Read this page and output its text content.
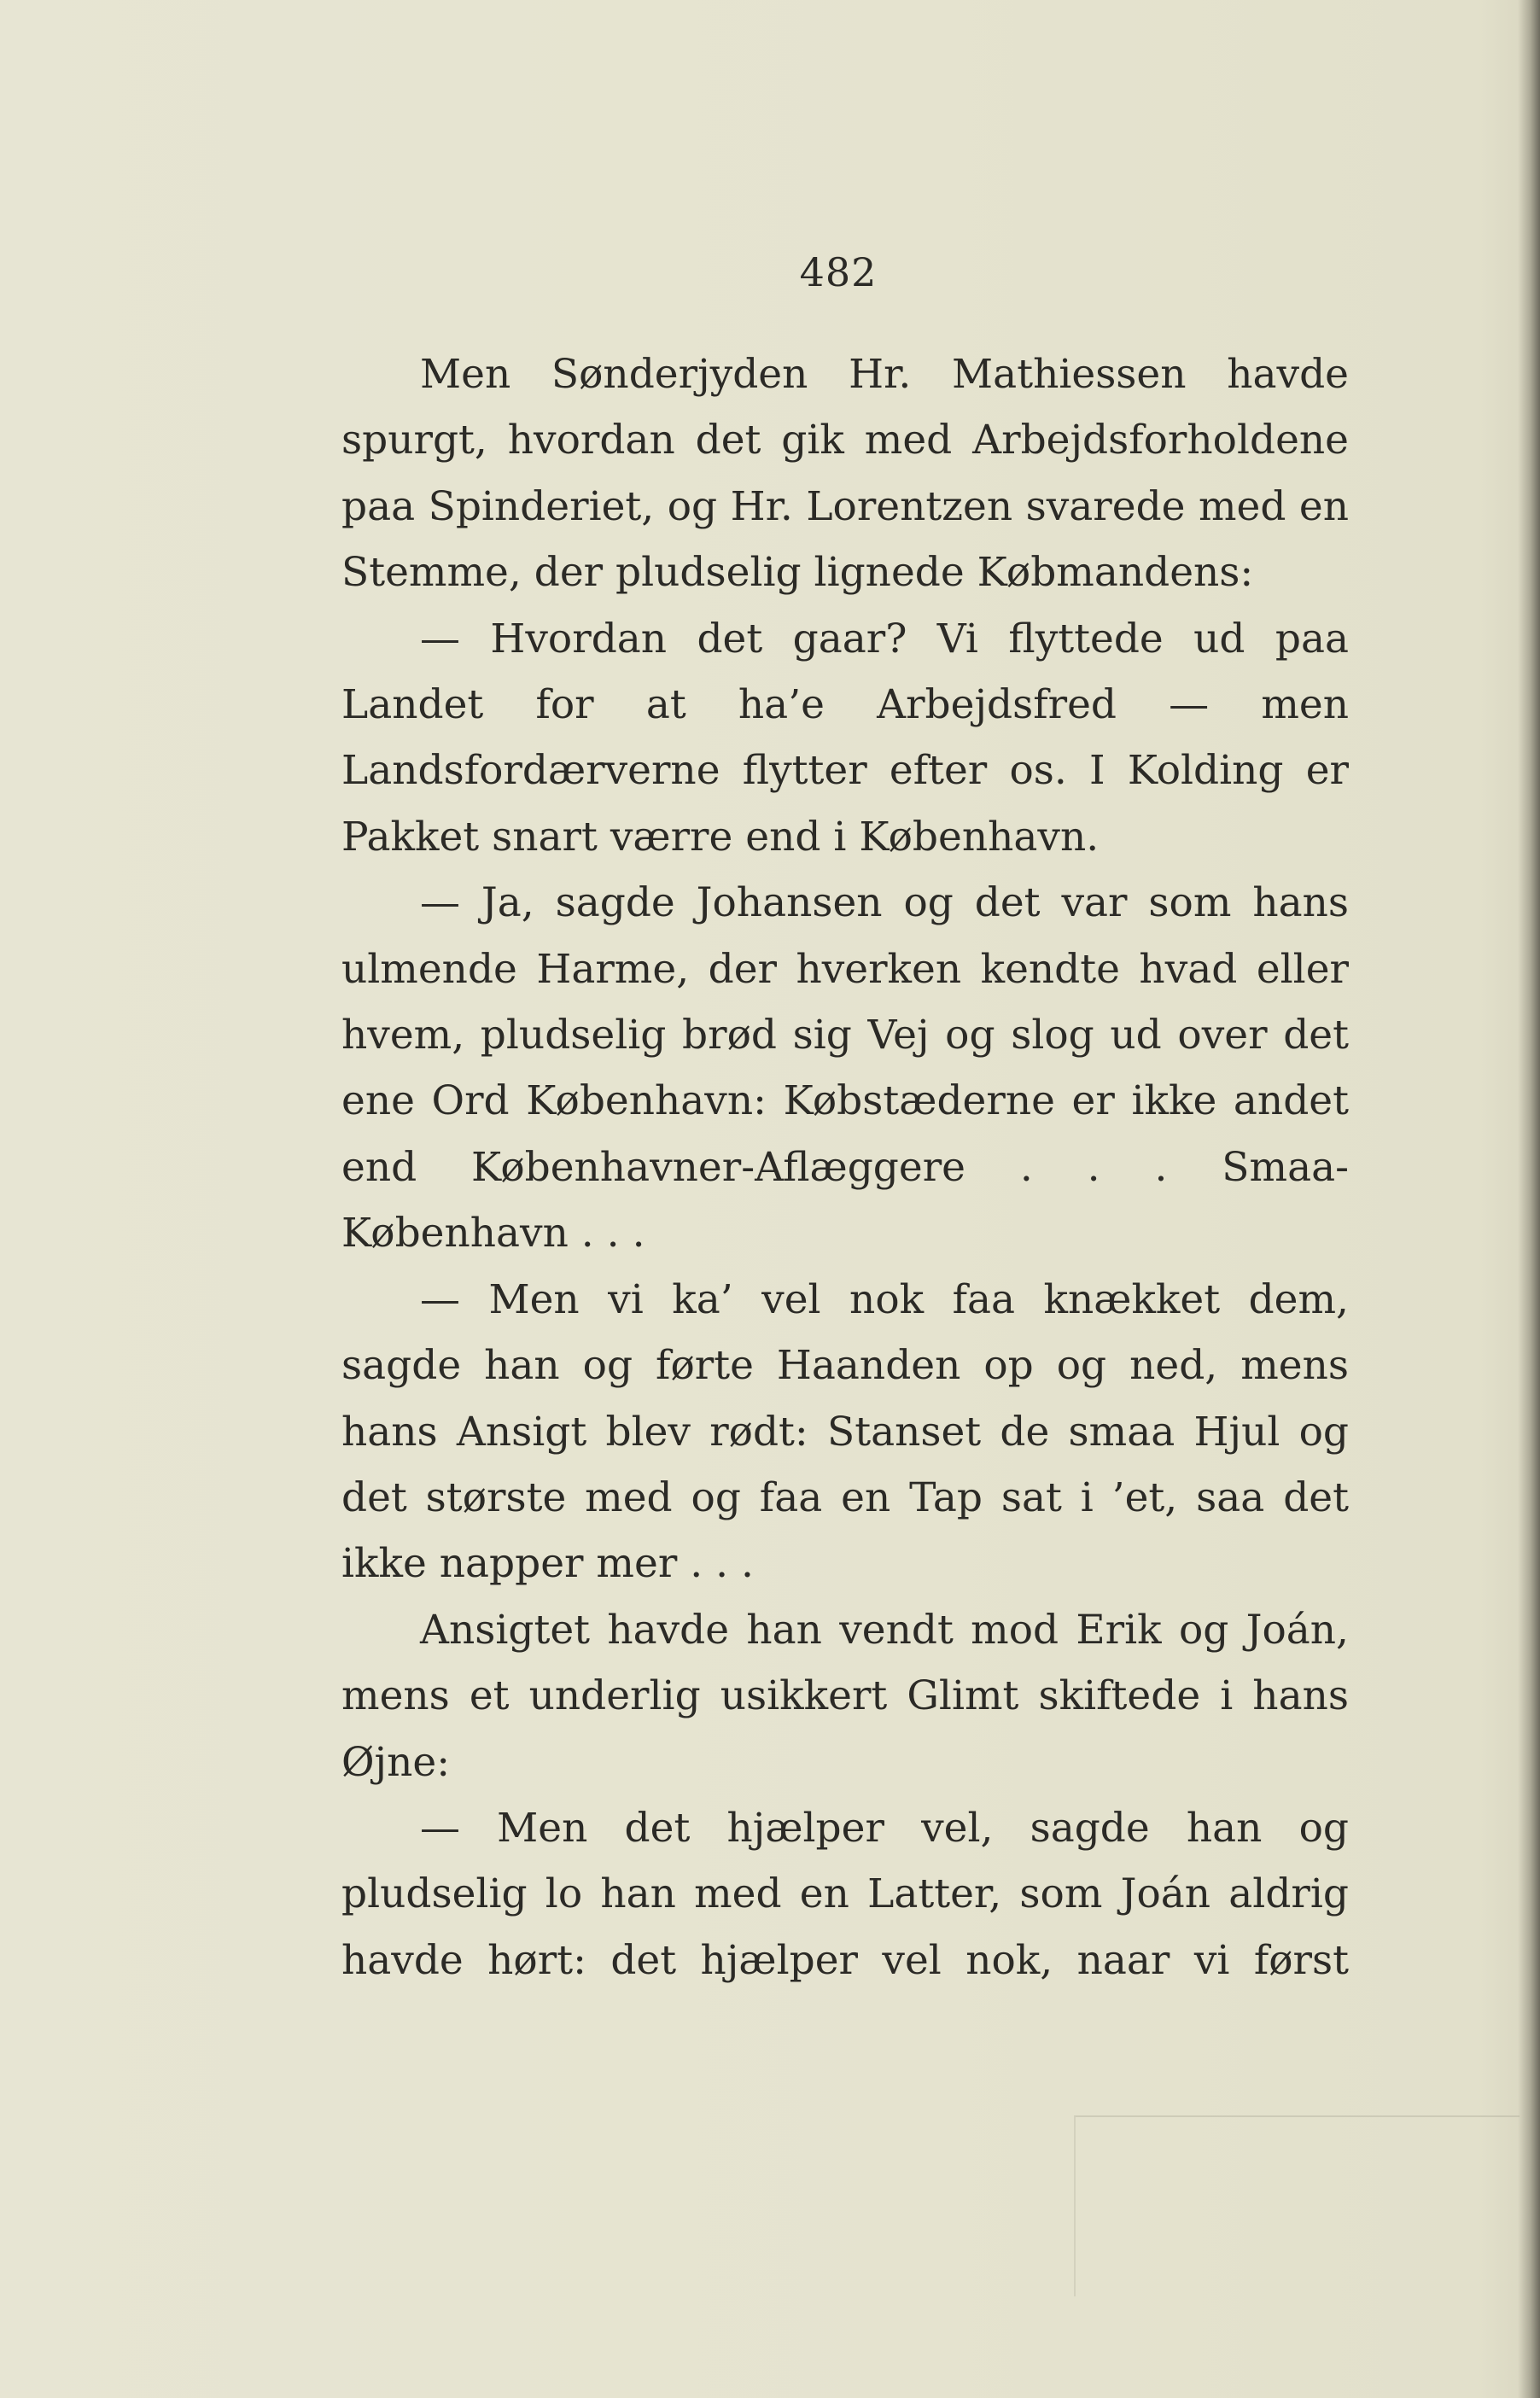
482

Men Sønderjyden Hr. Mathiessen havde spurgt, hvordan det gik med Arbejdsforholdene paa Spinderiet, og Hr. Lorentzen svarede med en Stemme, der pludselig lignede Købmandens:

— Hvordan det gaar? Vi flyttede ud paa Landet for at ha’e Arbejdsfred — men Landsfordærverne flytter efter os. I Kolding er Pakket snart værre end i København.

— Ja, sagde Johansen og det var som hans ulmende Harme, der hverken kendte hvad eller hvem, pludselig brød sig Vej og slog ud over det ene Ord København: Købstæderne er ikke andet end Københavner-Aflæggere . . . Smaa-København . . .

— Men vi ka’ vel nok faa knækket dem, sagde han og førte Haanden op og ned, mens hans Ansigt blev rødt: Stanset de smaa Hjul og det største med og faa en Tap sat i ’et, saa det ikke napper mer . . .

Ansigtet havde han vendt mod Erik og Joán, mens et underlig usikkert Glimt skiftede i hans Øjne:

— Men det hjælper vel, sagde han og pludselig lo han med en Latter, som Joán aldrig havde hørt: det hjælper vel nok, naar vi først
